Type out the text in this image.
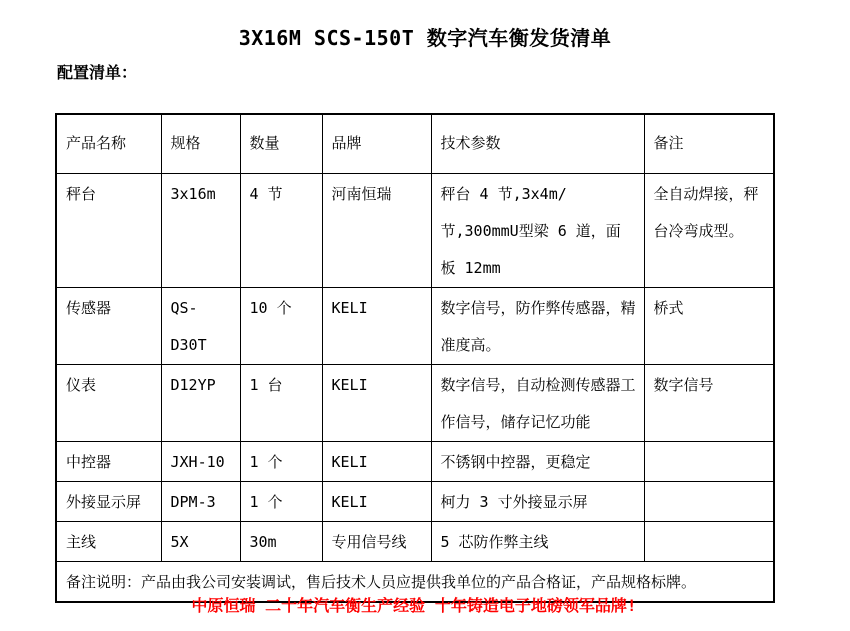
3X16M SCS-150T 数字汽车衡发货清单
配置清单：
产品名称	规格	数量	品牌	技术参数	备注
秤台	3x16m	4 节	河南恒瑞	秤台 4 节,3x4m/节,300mmU型梁 6 道，面板 12mm	全自动焊接，秤台冷弯成型。
传感器	QS-D30T	10 个	KELI	数字信号，防作弊传感器，精准度高。	桥式
仪表	D12YP	1 台	KELI	数字信号，自动检测传感器工作信号，储存记忆功能	数字信号
中控器	JXH-10	1 个	KELI	不锈钢中控器，更稳定	
外接显示屏	DPM-3	1 个	KELI	柯力 3 寸外接显示屏	
主线	5X	30m	专用信号线	5 芯防作弊主线	
备注说明：产品由我公司安装调试，售后技术人员应提供我单位的产品合格证，产品规格标牌。					
中原恒瑞 二十年汽车衡生产经验 十年铸造电子地磅领军品牌!
